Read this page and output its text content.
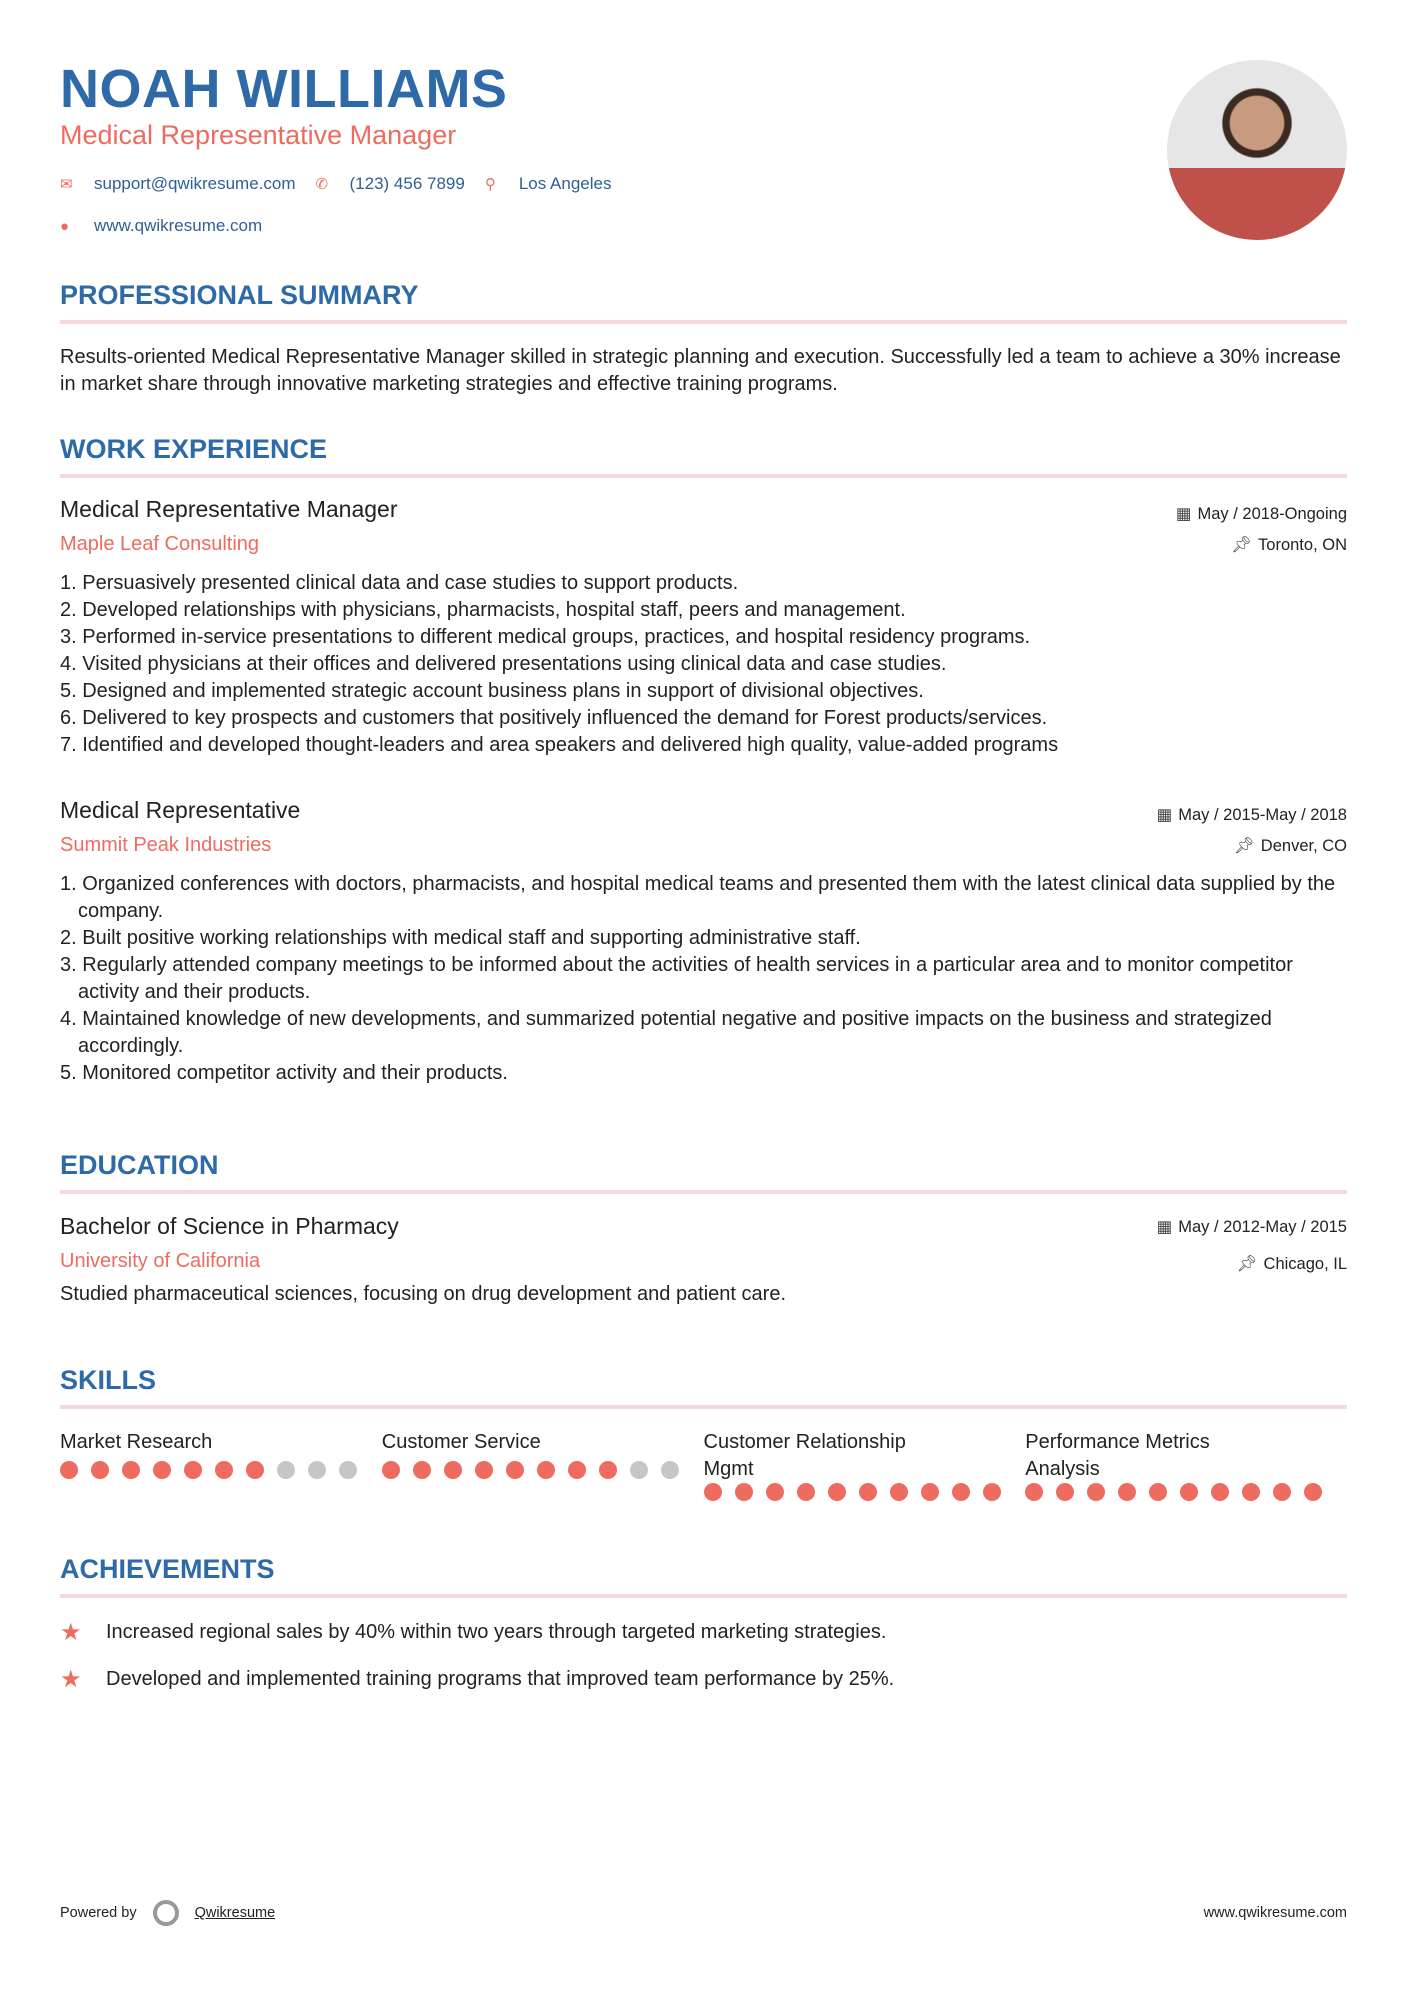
NOAH WILLIAMS
Medical Representative Manager
✉	support@qwikresume.com ✆	(123) 456 7899 ⚲	Los Angeles
●	www.qwikresume.com
PROFESSIONAL SUMMARY

Results-oriented Medical Representative Manager skilled in strategic planning and execution. Successfully led a team to achieve a 30% increase in market share through innovative marketing strategies and effective training programs.

WORK EXPERIENCE
Medical Representative Manager
Maple Leaf Consulting
▦ May / 2018-Ongoing
📌︎ Toronto, ON
1. Persuasively presented clinical data and case studies to support products.
2. Developed relationships with physicians, pharmacists, hospital staff, peers and management.
3. Performed in-service presentations to different medical groups, practices, and hospital residency programs.
4. Visited physicians at their offices and delivered presentations using clinical data and case studies.
5. Designed and implemented strategic account business plans in support of divisional objectives.
6. Delivered to key prospects and customers that positively influenced the demand for Forest products/services.
7. Identified and developed thought-leaders and area speakers and delivered high quality, value-added programs
Medical Representative
Summit Peak Industries
▦ May / 2015-May / 2018
📌︎ Denver, CO
1. Organized conferences with doctors, pharmacists, and hospital medical teams and presented them with the latest clinical data supplied by the company.
2. Built positive working relationships with medical staff and supporting administrative staff.
3. Regularly attended company meetings to be informed about the activities of health services in a particular area and to monitor competitor activity and their products.
4. Maintained knowledge of new developments, and summarized potential negative and positive impacts on the business and strategized accordingly.
5. Monitored competitor activity and their products.
EDUCATION
Bachelor of Science in Pharmacy
University of California
▦ May / 2012-May / 2015
📌︎ Chicago, IL

Studied pharmaceutical sciences, focusing on drug development and patient care.

SKILLS
Market Research	Customer Service	Customer Relationship Mgmt
Performance Metrics Analysis
ACHIEVEMENTS
★	Increased regional sales by 40% within two years through targeted marketing strategies.
★	Developed and implemented training programs that improved team performance by 25%.
Powered by	Qwikresume	www.qwikresume.com
